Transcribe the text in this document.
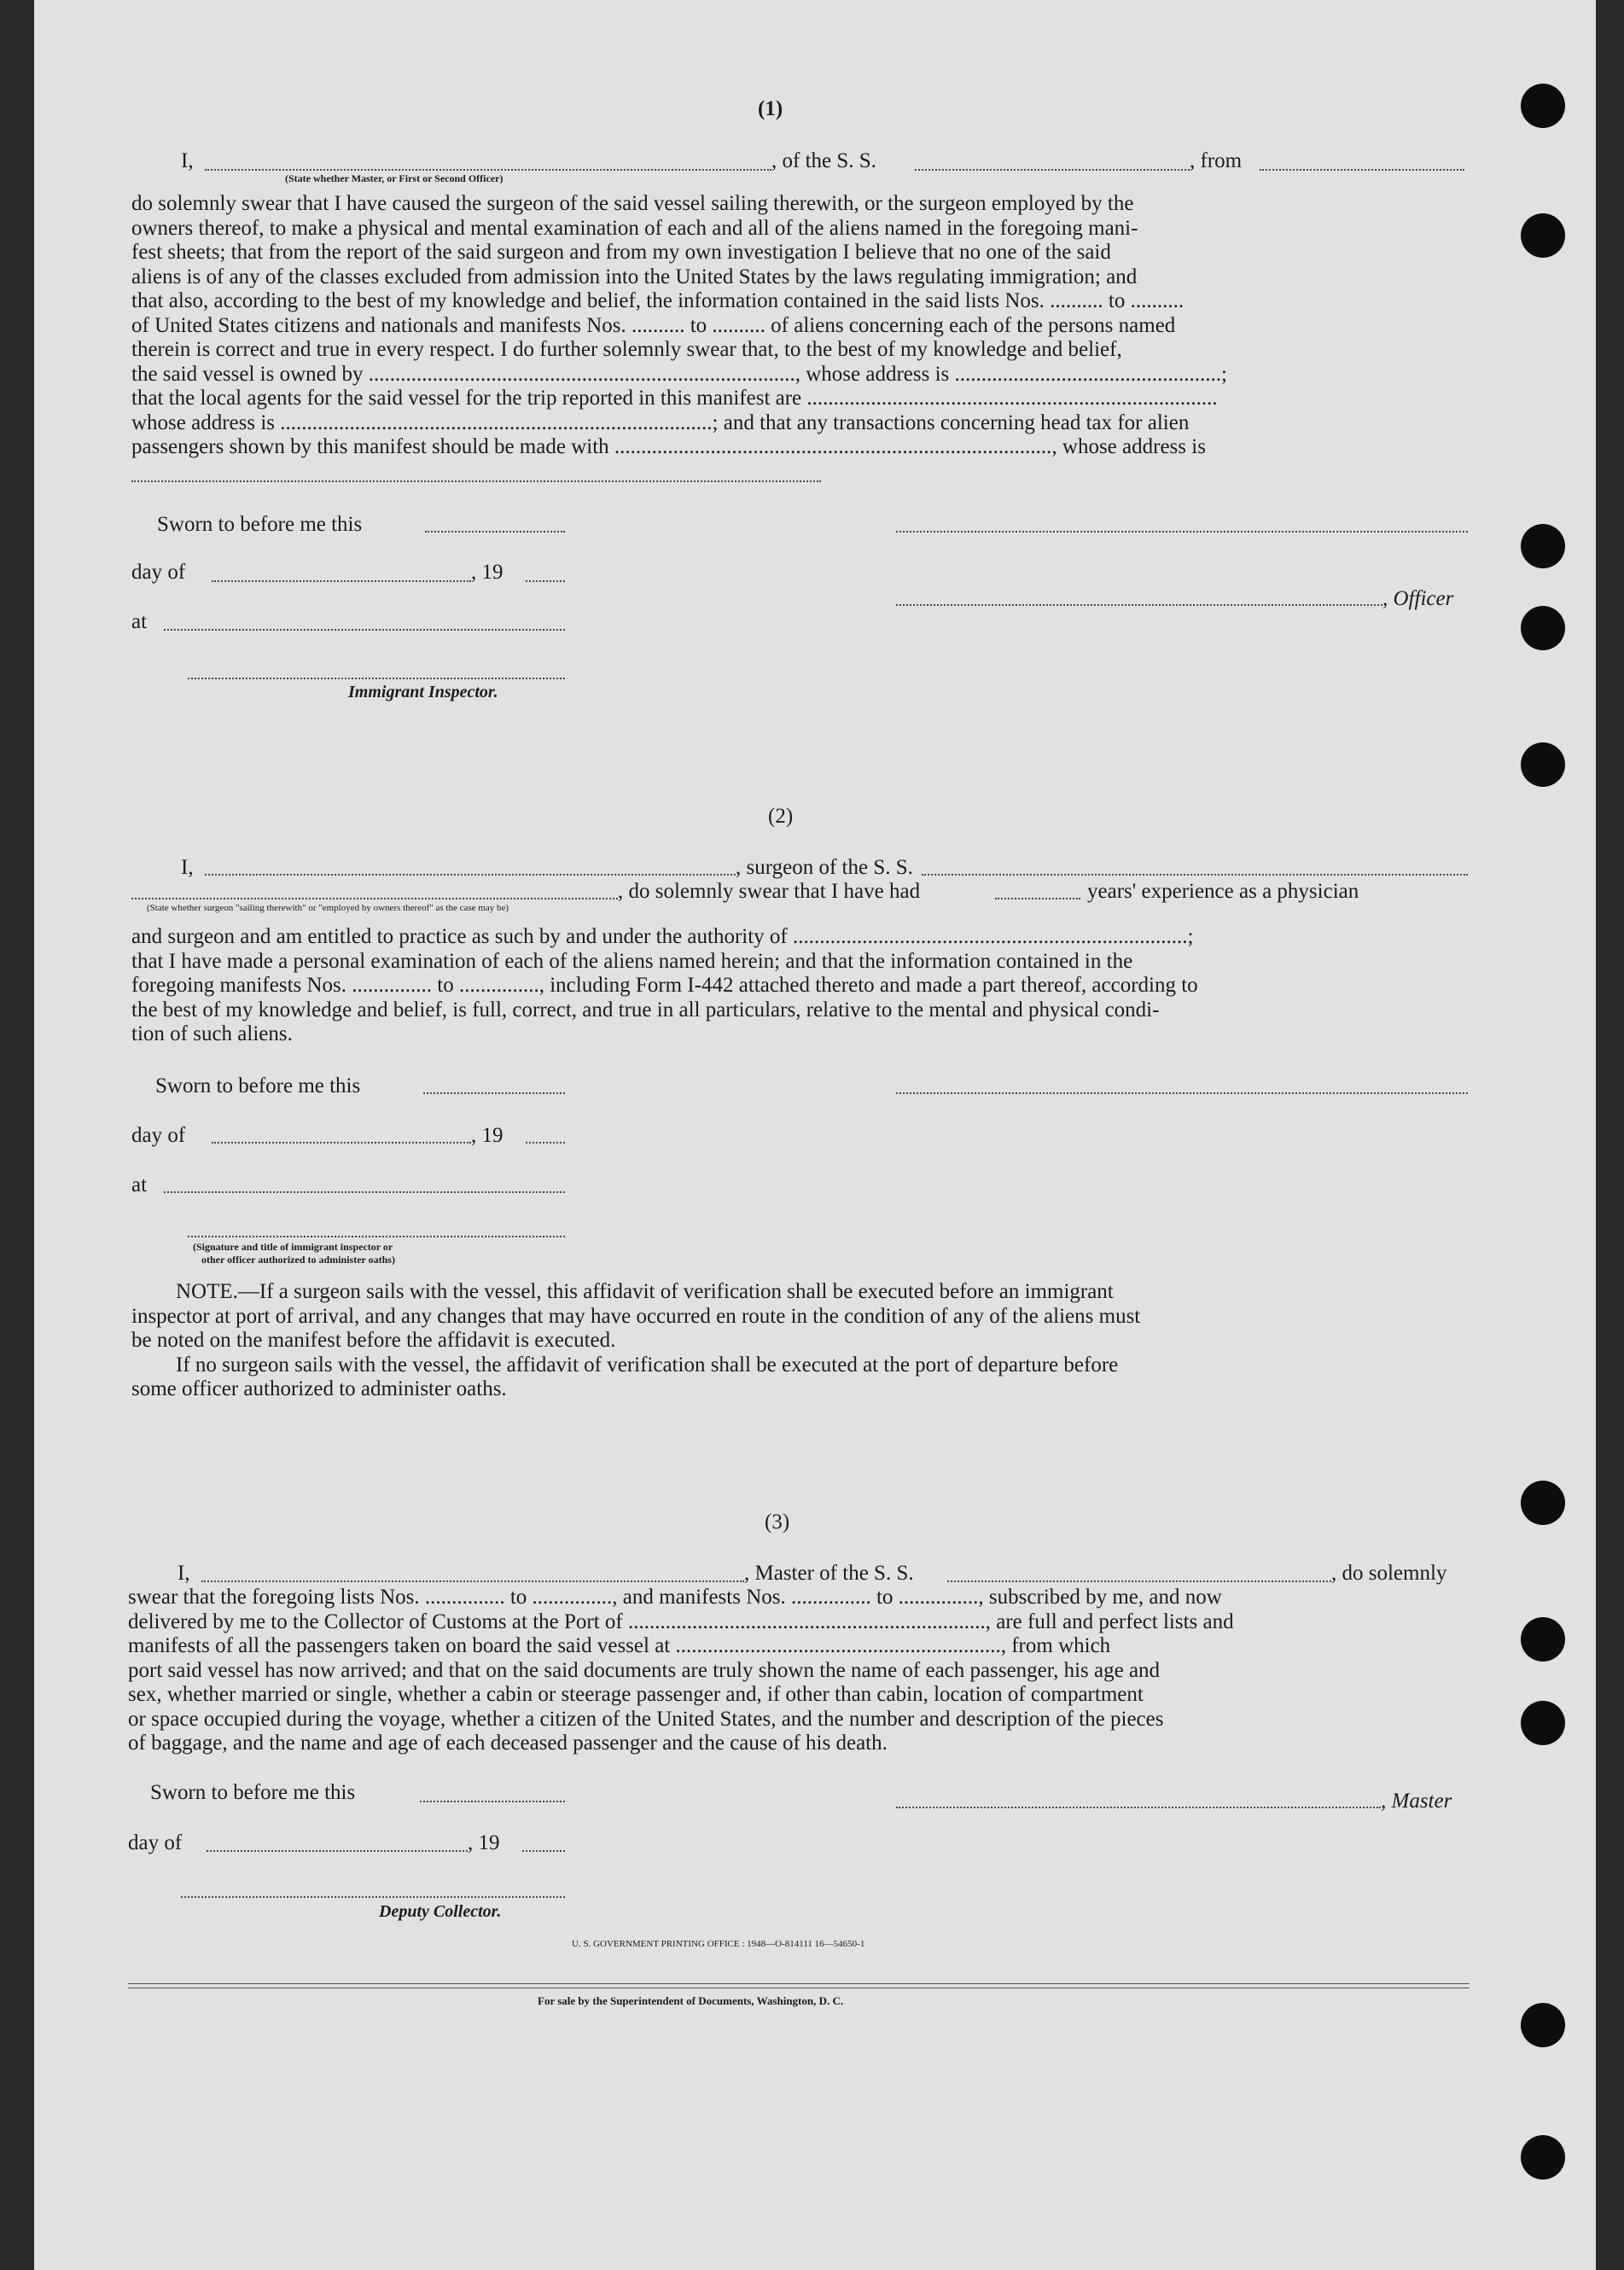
(1)
I,	, of the S. S.	, from
(State whether Master, or First or Second Officer)
do solemnly swear that I have caused the surgeon of the said vessel sailing therewith, or the surgeon employed by the
owners thereof, to make a physical and mental examination of each and all of the aliens named in the foregoing mani-
fest sheets; that from the report of the said surgeon and from my own investigation I believe that no one of the said
aliens is of any of the classes excluded from admission into the United States by the laws regulating immigration; and
that also, according to the best of my knowledge and belief, the information contained in the said lists Nos. .......... to ..........
of United States citizens and nationals and manifests Nos. .......... to .......... of aliens concerning each of the persons named
therein is correct and true in every respect. I do further solemnly swear that, to the best of my knowledge and belief,
the said vessel is owned by ................................................................................, whose address is ..................................................;
that the local agents for the said vessel for the trip reported in this manifest are .............................................................................
whose address is .................................................................................; and that any transactions concerning head tax for alien
passengers shown by this manifest should be made with .................................................................................., whose address is
Sworn to before me this
day of	, 19
, Officer
at
Immigrant Inspector.
(2)
I,	, surgeon of the S. S.
, do solemnly swear that I have had	years' experience as a physician
(State whether surgeon "sailing therewith" or "employed by owners thereof" as the case may be)
and surgeon and am entitled to practice as such by and under the authority of ..........................................................................;
that I have made a personal examination of each of the aliens named herein; and that the information contained in the
foregoing manifests Nos. ............... to ..............., including Form I-442 attached thereto and made a part thereof, according to
the best of my knowledge and belief, is full, correct, and true in all particulars, relative to the mental and physical condi-
tion of such aliens.
Sworn to before me this
day of	, 19
at
(Signature and title of immigrant inspector or
other officer authorized to administer oaths)
NOTE.—If a surgeon sails with the vessel, this affidavit of verification shall be executed before an immigrant
inspector at port of arrival, and any changes that may have occurred en route in the condition of any of the aliens must
be noted on the manifest before the affidavit is executed.
If no surgeon sails with the vessel, the affidavit of verification shall be executed at the port of departure before
some officer authorized to administer oaths.
(3)
I,	, Master of the S. S.	, do solemnly
swear that the foregoing lists Nos. ............... to ..............., and manifests Nos. ............... to ..............., subscribed by me, and now
delivered by me to the Collector of Customs at the Port of ..................................................................., are full and perfect lists and
manifests of all the passengers taken on board the said vessel at ............................................................., from which
port said vessel has now arrived; and that on the said documents are truly shown the name of each passenger, his age and
sex, whether married or single, whether a cabin or steerage passenger and, if other than cabin, location of compartment
or space occupied during the voyage, whether a citizen of the United States, and the number and description of the pieces
of baggage, and the name and age of each deceased passenger and the cause of his death.
Sworn to before me this	, Master
day of	, 19
Deputy Collector.
U. S. GOVERNMENT PRINTING OFFICE : 1948—O-814111 16—54650-1
For sale by the Superintendent of Documents, Washington, D. C.
